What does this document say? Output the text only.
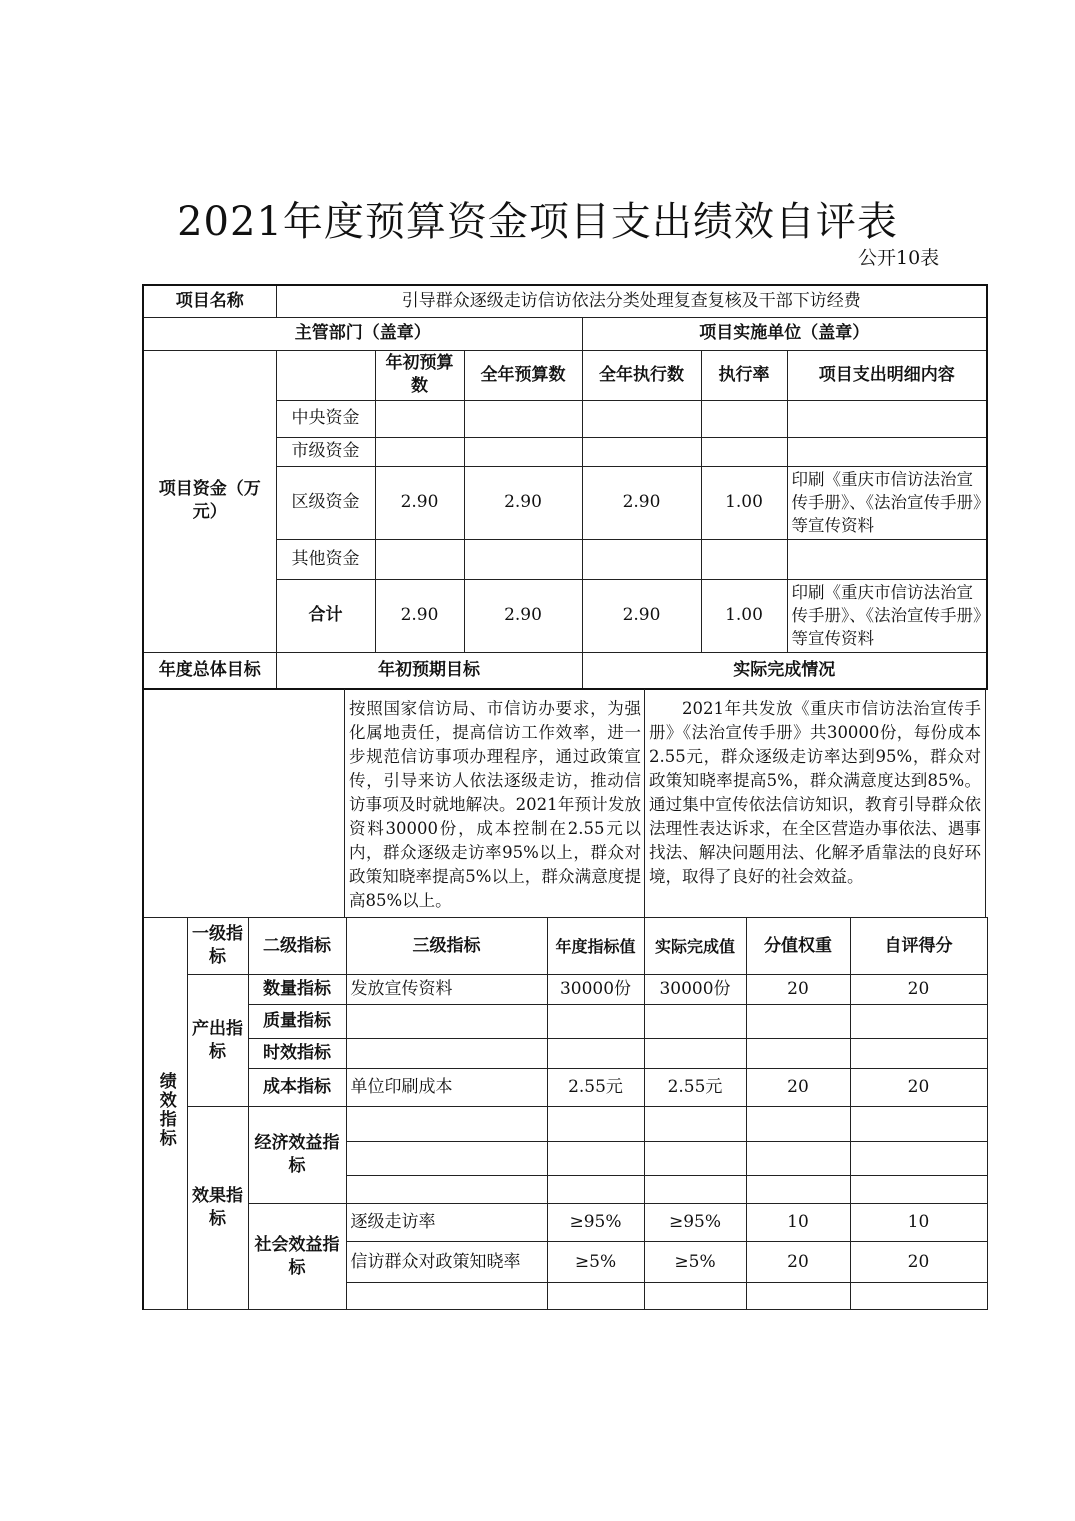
2021年度预算资金项目支出绩效自评表
公开10表
项目名称	引导群众逐级走访信访依法分类处理复查复核及干部下访经费					
主管部门（盖章）				项目实施单位（盖章）		
项目资金（万元）		年初预算数	全年预算数	全年执行数	执行率	项目支出明细内容
	中央资金					
	市级资金					
	区级资金	2.90	2.90	2.90	1.00	印刷《重庆市信访法治宣传手册》、《法治宣传手册》等宣传资料
	其他资金					
	合计	2.90	2.90	2.90	1.00	印刷《重庆市信访法治宣传手册》、《法治宣传手册》等宣传资料
年度总体目标	年初预期目标			实际完成情况		
按照国家信访局、市信访办要求，为强化属地责任，提高信访工作效率，进一步规范信访事项办理程序，通过政策宣传，引导来访人依法逐级走访，推动信访事项及时就地解决。2021年预计发放资料30000份，成本控制在2.55元以内，群众逐级走访率95%以上，群众对政策知晓率提高5%以上，群众满意度提高85%以上。
2021年共发放《重庆市信访法治宣传手册》《法治宣传手册》共30000份，每份成本2.55元，群众逐级走访率达到95%，群众对政策知晓率提高5%，群众满意度达到85%。通过集中宣传依法信访知识，教育引导群众依法理性表达诉求，在全区营造办事依法、遇事找法、解决问题用法、化解矛盾靠法的良好环境，取得了良好的社会效益。
绩效指标	一级指标	二级指标	三级指标	年度指标值	实际完成值	分值权重	自评得分
	产出指标	数量指标	发放宣传资料	30000份	30000份	20	20
		质量指标					
		时效指标					
		成本指标	单位印刷成本	2.55元	2.55元	20	20
	效果指标	经济效益指标					

		社会效益指标	逐级走访率	≥95%	≥95%	10	10
			信访群众对政策知晓率	≥5%	≥5%	20	20
